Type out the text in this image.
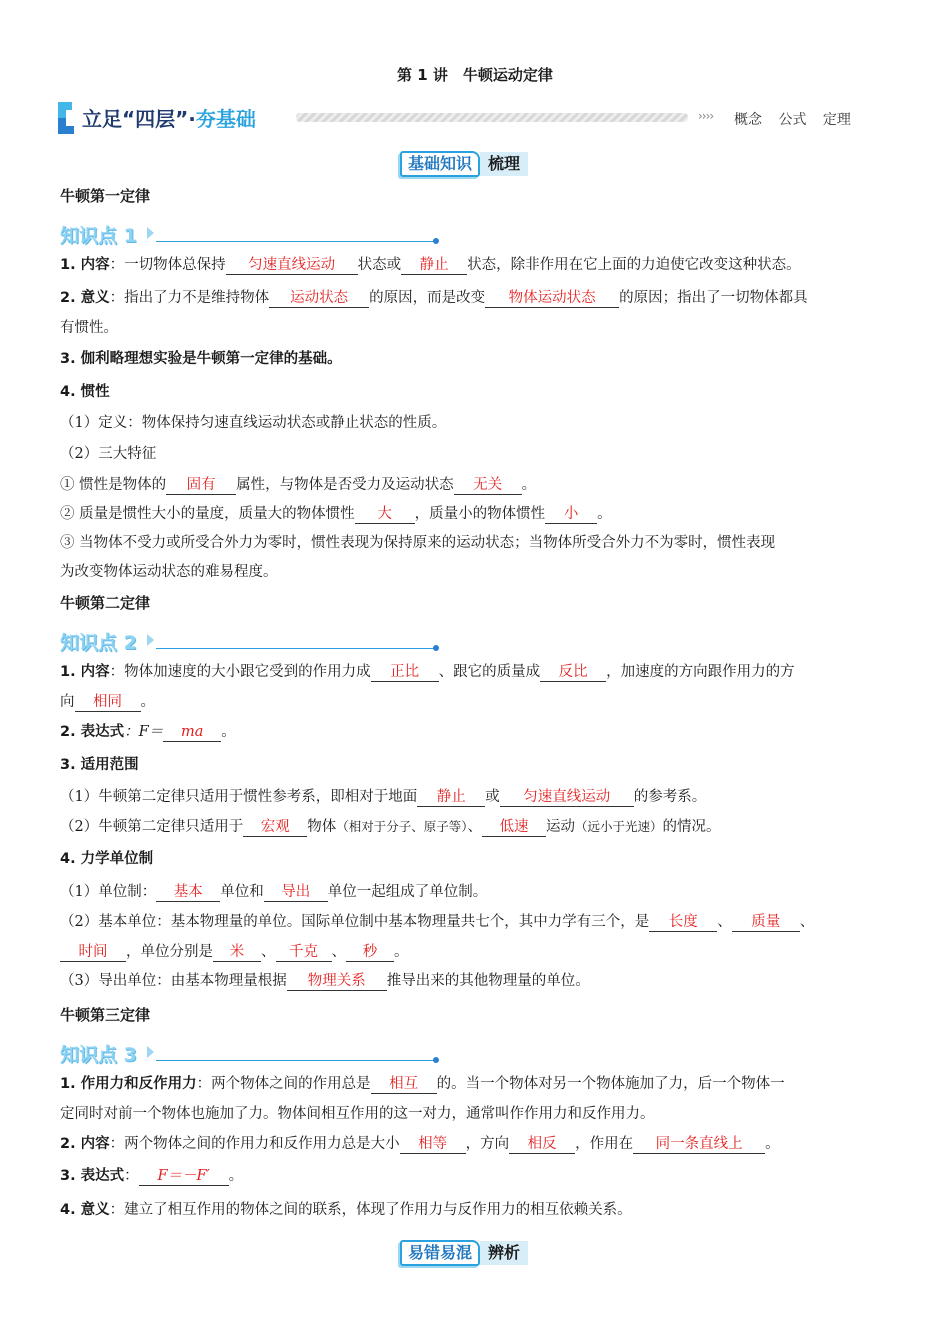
第 1 讲　牛顿运动定律
立足“四层”·夯基础	›››› 概念 公式 定理
基础知识	梳理
牛顿第一定律
知识点 1
1. 内容：一切物体总保持 匀速直线运动 状态或 静止 状态，除非作用在它上面的力迫使它改变这种状态。
2. 意义：指出了力不是维持物体 运动状态 的原因，而是改变 物体运动状态 的原因；指出了一切物体都具
有惯性。
3. 伽利略理想实验是牛顿第一定律的基础。
4. 惯性
（1）定义：物体保持匀速直线运动状态或静止状态的性质。
（2）三大特征
① 惯性是物体的 固有 属性，与物体是否受力及运动状态 无关 。
② 质量是惯性大小的量度，质量大的物体惯性 大 ，质量小的物体惯性 小 。
③ 当物体不受力或所受合外力为零时，惯性表现为保持原来的运动状态；当物体所受合外力不为零时，惯性表现
为改变物体运动状态的难易程度。
牛顿第二定律
知识点 2
1. 内容：物体加速度的大小跟它受到的作用力成 正比 、跟它的质量成 反比 ，加速度的方向跟作用力的方
向 相同 。
2. 表达式：F＝ ma 。
3. 适用范围
（1）牛顿第二定律只适用于惯性参考系，即相对于地面 静止 或 匀速直线运动 的参考系。
（2）牛顿第二定律只适用于 宏观 物体（相对于分子、原子等）、 低速 运动（远小于光速）的情况。
4. 力学单位制
（1）单位制： 基本 单位和 导出 单位一起组成了单位制。
（2）基本单位：基本物理量的单位。国际单位制中基本物理量共七个，其中力学有三个，是 长度 、 质量 、
时间 ，单位分别是 米 、 千克 、 秒 。
（3）导出单位：由基本物理量根据 物理关系 推导出来的其他物理量的单位。
牛顿第三定律
知识点 3
1. 作用力和反作用力：两个物体之间的作用总是 相互 的。当一个物体对另一个物体施加了力，后一个物体一
定同时对前一个物体也施加了力。物体间相互作用的这一对力，通常叫作作用力和反作用力。
2. 内容：两个物体之间的作用力和反作用力总是大小 相等 ，方向 相反 ，作用在 同一条直线上 。
3. 表达式： F＝－F′ 。
4. 意义：建立了相互作用的物体之间的联系，体现了作用力与反作用力的相互依赖关系。
易错易混	辨析
